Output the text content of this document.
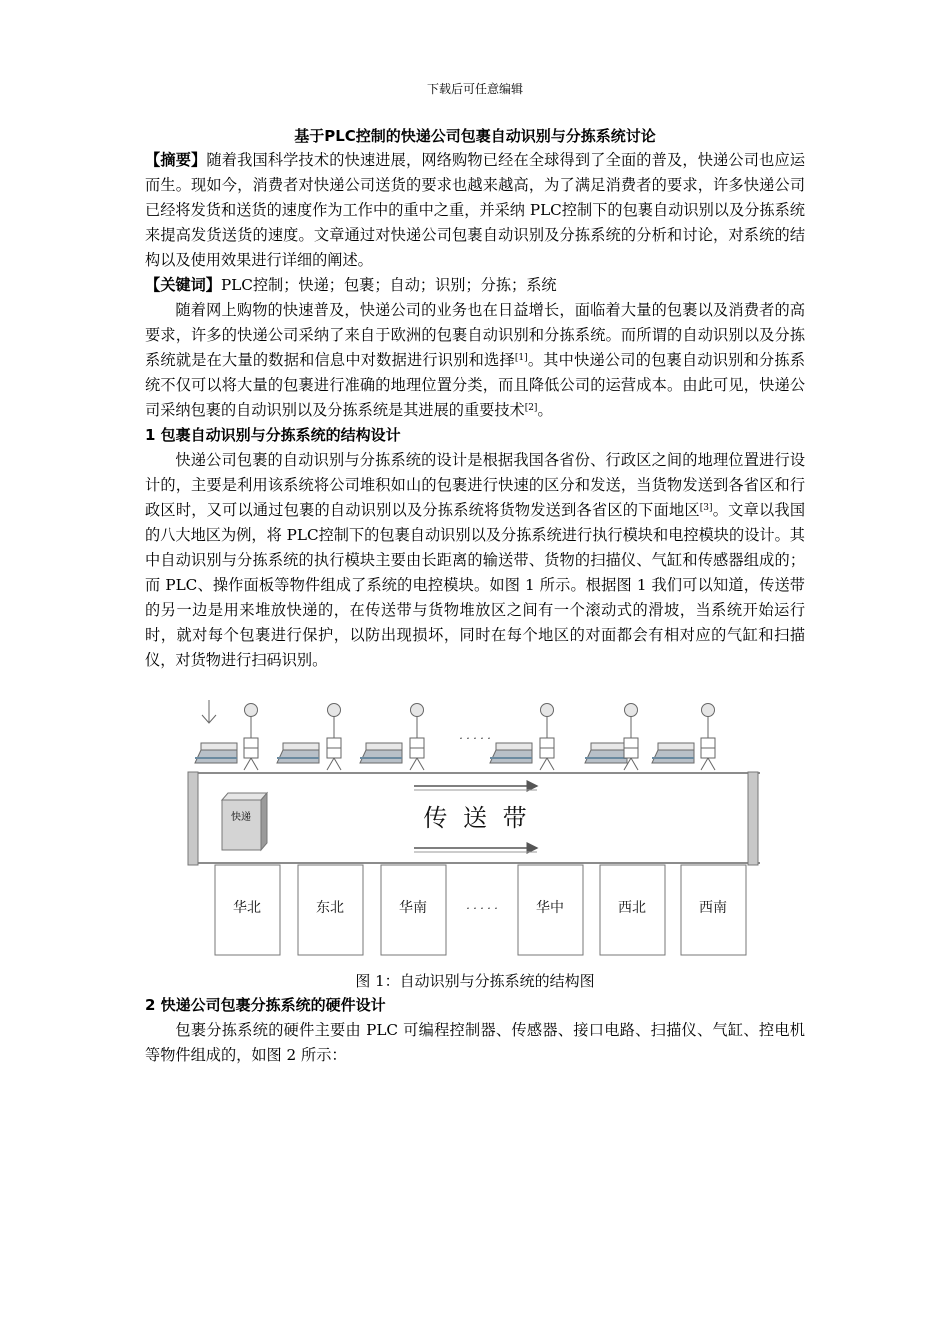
下载后可任意编辑
基于PLC控制的快递公司包裹自动识别与分拣系统讨论

【摘要】随着我国科学技术的快速进展，网络购物已经在全球得到了全面的普及，快递公司也应运而生。现如今，消费者对快递公司送货的要求也越来越高，为了满足消费者的要求，许多快递公司已经将发货和送货的速度作为工作中的重中之重，并采纳 PLC控制下的包裹自动识别以及分拣系统来提高发货送货的速度。文章通过对快递公司包裹自动识别及分拣系统的分析和讨论，对系统的结构以及使用效果进行详细的阐述。

【关键词】PLC控制；快递；包裹；自动；识别；分拣；系统

随着网上购物的快速普及，快递公司的业务也在日益增长，面临着大量的包裹以及消费者的高要求，许多的快递公司采纳了来自于欧洲的包裹自动识别和分拣系统。而所谓的自动识别以及分拣系统就是在大量的数据和信息中对数据进行识别和选择[1]。其中快递公司的包裹自动识别和分拣系统不仅可以将大量的包裹进行准确的地理位置分类，而且降低公司的运营成本。由此可见，快递公司采纳包裹的自动识别以及分拣系统是其进展的重要技术[2]。

1 包裹自动识别与分拣系统的结构设计

快递公司包裹的自动识别与分拣系统的设计是根据我国各省份、行政区之间的地理位置进行设计的，主要是利用该系统将公司堆积如山的包裹进行快速的区分和发送，当货物发送到各省区和行政区时，又可以通过包裹的自动识别以及分拣系统将货物发送到各省区的下面地区[3]。文章以我国的八大地区为例，将 PLC控制下的包裹自动识别以及分拣系统进行执行模块和电控模块的设计。其中自动识别与分拣系统的执行模块主要由长距离的输送带、货物的扫描仪、气缸和传感器组成的；而 PLC、操作面板等物件组成了系统的电控模块。如图 1 所示。根据图 1 我们可以知道，传送带的另一边是用来堆放快递的，在传送带与货物堆放区之间有一个滚动式的滑坡，当系统开始运行时，就对每个包裹进行保护，以防出现损坏，同时在每个地区的对面都会有相对应的气缸和扫描仪，对货物进行扫码识别。

· · · · ·
快递	传 送 带
华北	东北	华南	· · · · ·	华中	西北	西南
图 1：自动识别与分拣系统的结构图
2 快递公司包裹分拣系统的硬件设计

包裹分拣系统的硬件主要由 PLC 可编程控制器、传感器、接口电路、扫描仪、气缸、控电机等物件组成的，如图 2 所示：
